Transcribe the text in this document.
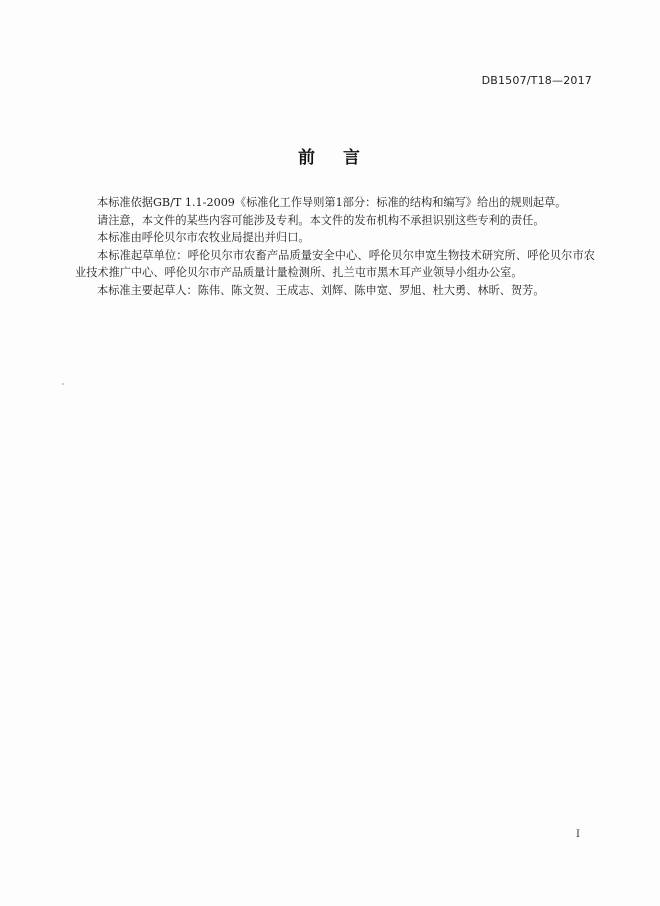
DB1507/T18—2017
前 言

本标准依据GB/T 1.1-2009《标准化工作导则第1部分：标准的结构和编写》给出的规则起草。

请注意，本文件的某些内容可能涉及专利。本文件的发布机构不承担识别这些专利的责任。

本标准由呼伦贝尔市农牧业局提出并归口。

本标准起草单位：呼伦贝尔市农畜产品质量安全中心、呼伦贝尔申宽生物技术研究所、呼伦贝尔市农业技术推广中心、呼伦贝尔市产品质量计量检测所、扎兰屯市黑木耳产业领导小组办公室。

本标准主要起草人：陈伟、陈文贺、王成志、刘辉、陈申宽、罗旭、杜大勇、林昕、贺芳。

I
